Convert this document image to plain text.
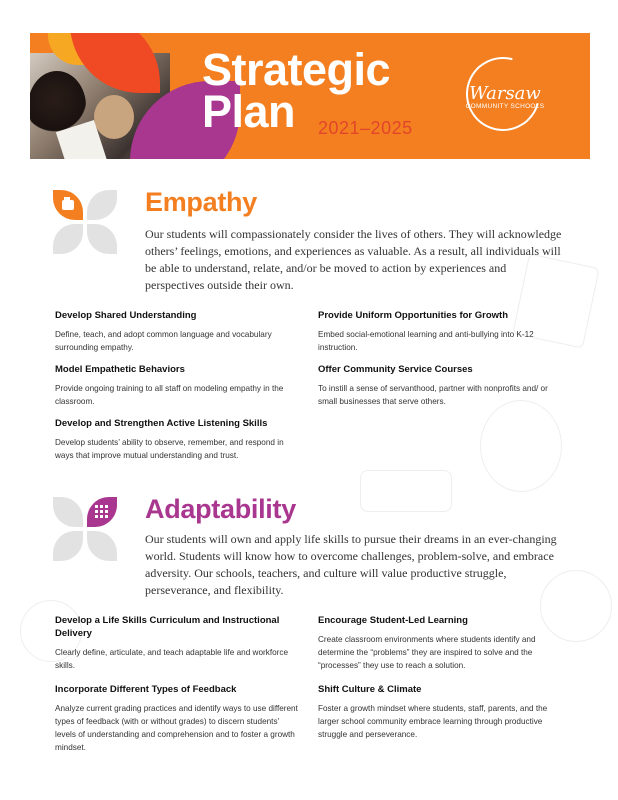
Strategic
Plan	2021–2025
Warsaw
COMMUNITY SCHOOLS
Empathy
Our students will compassionately consider the lives of others. They will acknowledge others’ feelings, emotions, and experiences as valuable. As a result, all individuals will be able to understand, relate, and/or be moved to action by experiences and perspectives outside their own.
Develop Shared Understanding

Define, teach, and adopt common language and vocabulary surrounding empathy.

Model Empathetic Behaviors

Provide ongoing training to all staff on modeling empathy in the classroom.

Develop and Strengthen Active Listening Skills

Develop students’ ability to observe, remember, and respond in ways that improve mutual understanding and trust.

Provide Uniform Opportunities for Growth

Embed social-emotional learning and anti-bullying into K-12 instruction.

Offer Community Service Courses

To instill a sense of servanthood, partner with nonprofits and/ or small businesses that serve others.

Adaptability
Our students will own and apply life skills to pursue their dreams in an ever-changing world. Students will know how to overcome challenges, problem-solve, and embrace adversity. Our schools, teachers, and culture will value productive struggle, perseverance, and flexibility.
Develop a Life Skills Curriculum and Instructional Delivery

Clearly define, articulate, and teach adaptable life and workforce skills.

Incorporate Different Types of Feedback

Analyze current grading practices and identify ways to use different types of feedback (with or without grades) to discern students’ levels of understanding and comprehension and to foster a growth mindset.

Encourage Student-Led Learning

Create classroom environments where students identify and determine the “problems” they are inspired to solve and the “processes” they use to reach a solution.

Shift Culture & Climate

Foster a growth mindset where students, staff, parents, and the larger school community embrace learning through productive struggle and perseverance.
